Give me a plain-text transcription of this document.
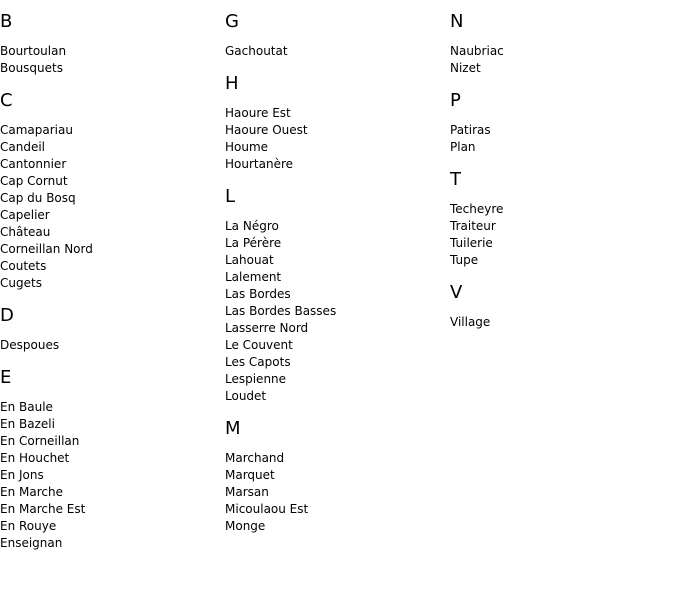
B
Bourtoulan
Bousquets
C
Camapariau
Candeil
Cantonnier
Cap Cornut
Cap du Bosq
Capelier
Château
Corneillan Nord
Coutets
Cugets
D
Despoues
E
En Baule
En Bazeli
En Corneillan
En Houchet
En Jons
En Marche
En Marche Est
En Rouye
Enseignan
G
Gachoutat
H
Haoure Est
Haoure Ouest
Houme
Hourtanère
L
La Négro
La Pérère
Lahouat
Lalement
Las Bordes
Las Bordes Basses
Lasserre Nord
Le Couvent
Les Capots
Lespienne
Loudet
M
Marchand
Marquet
Marsan
Micoulaou Est
Monge
N
Naubriac
Nizet
P
Patiras
Plan
T
Techeyre
Traiteur
Tuilerie
Tupe
V
Village
